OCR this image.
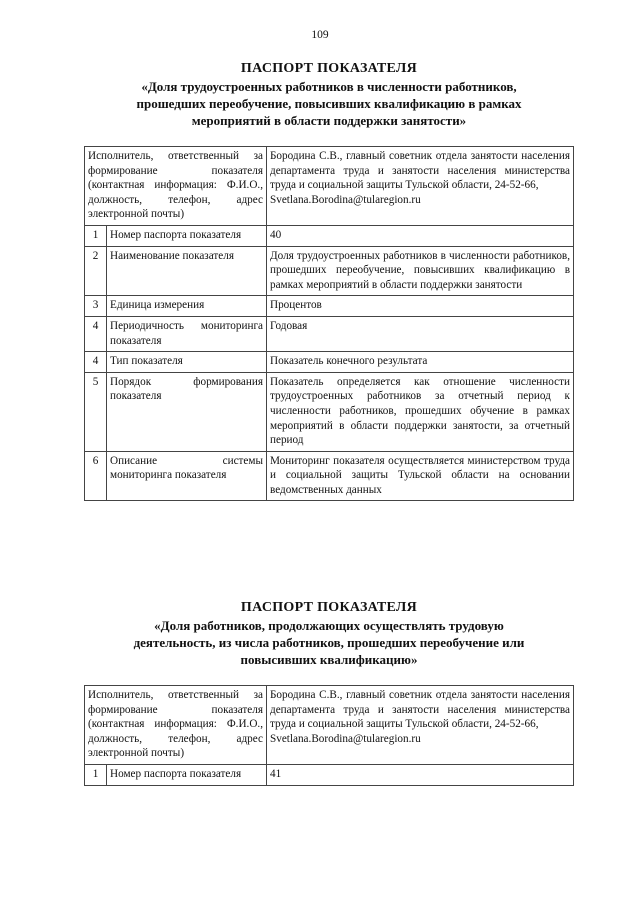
109
ПАСПОРТ ПОКАЗАТЕЛЯ
«Доля трудоустроенных работников в численности работников,
прошедших переобучение, повысивших квалификацию в рамках
мероприятий в области поддержки занятости»
Исполнитель, ответственный за формирование показателя (контактная информация: Ф.И.О., должность, телефон, адрес электронной почты)		Бородина С.В., главный советник отдела занятости населения департамента труда и занятости населения министерства труда и социальной защиты Тульской области, 24-52-66,
Svetlana.Borodina@tularegion.ru

1	Номер паспорта показателя	40
2	Наименование показателя	Доля трудоустроенных работников в численности работников, прошедших переобучение, повысивших квалификацию в рамках мероприятий в области поддержки занятости
3	Единица измерения	Процентов
4	Периодичность мониторинга показателя	Годовая
4	Тип показателя	Показатель конечного результата
5	Порядок формирования показателя	Показатель определяется как отношение численности трудоустроенных работников за отчетный период к численности работников, прошедших обучение в рамках мероприятий в области поддержки занятости, за отчетный период
6	Описание системы мониторинга показателя	Мониторинг показателя осуществляется министерством труда и социальной защиты Тульской области на основании ведомственных данных
ПАСПОРТ ПОКАЗАТЕЛЯ
«Доля работников, продолжающих осуществлять трудовую
деятельность, из числа работников, прошедших переобучение или
повысивших квалификацию»
Исполнитель, ответственный за формирование показателя (контактная информация: Ф.И.О., должность, телефон, адрес электронной почты)		Бородина С.В., главный советник отдела занятости населения департамента труда и занятости населения министерства труда и социальной защиты Тульской области, 24-52-66,
Svetlana.Borodina@tularegion.ru

1	Номер паспорта показателя	41
